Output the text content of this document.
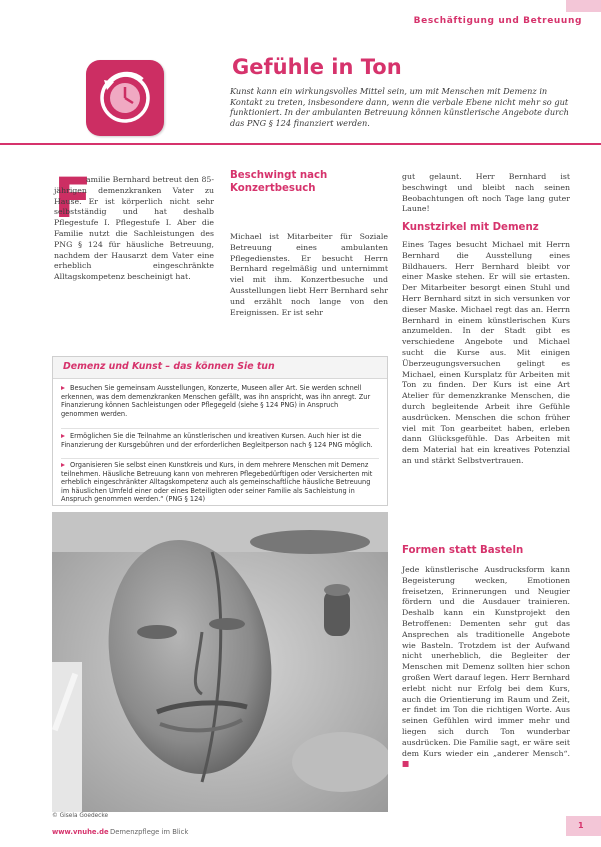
Beschäftigung und Betreuung
Gefühle in Ton
Kunst kann ein wirkungsvolles Mittel sein, um mit Menschen mit Demenz in Kontakt zu treten, insbesondere dann, wenn die verbale Ebene nicht mehr so gut funktioniert. In der ambulanten Betreuung können künstlerische Angebote durch das PNG § 124 finanziert werden.
F
amilie Bernhard betreut den 85-jährigen demenzkranken Vater zu Hause. Er ist körperlich nicht sehr selbstständig und hat deshalb Pflegestufe I. Pflegestufe I. Aber die Familie nutzt die Sachleistungen des PNG § 124 für häusliche Betreuung, nachdem der Hausarzt dem Vater eine erheblich eingeschränkte Alltagskompetenz bescheinigt hat.
Beschwingt nach Konzertbesuch
Michael ist Mitarbeiter für Soziale Betreuung eines ambulanten Pflegedienstes. Er besucht Herrn Bernhard regelmäßig und unternimmt viel mit ihm. Konzertbesuche und Ausstellungen liebt Herr Bernhard sehr und erzählt noch lange von den Ereignissen. Er ist sehr
gut gelaunt. Herr Bernhard ist beschwingt und bleibt nach seinen Beobachtungen oft noch Tage lang guter Laune!
Kunstzirkel mit Demenz
Eines Tages besucht Michael mit Herrn Bernhard die Ausstellung eines Bildhauers. Herr Bernhard bleibt vor einer Maske stehen. Er will sie ertasten. Der Mitarbeiter besorgt einen Stuhl und Herr Bernhard sitzt in sich versunken vor dieser Maske. Michael regt das an. Herrn Bernhard in einem künstlerischen Kurs anzumelden. In der Stadt gibt es verschiedene Angebote und Michael sucht die Kurse aus. Mit einigen Überzeugungsversuchen gelingt es Michael, einen Kursplatz für Arbeiten mit Ton zu finden. Der Kurs ist eine Art Atelier für demenzkranke Menschen, die durch begleitende Arbeit ihre Gefühle ausdrücken. Menschen die schon früher viel mit Ton gearbeitet haben, erleben dann Glücksgefühle. Das Arbeiten mit dem Material hat ein kreatives Potenzial an und stärkt Selbstvertrauen.
Formen statt Basteln
Jede künstlerische Ausdrucksform kann Begeisterung wecken, Emotionen freisetzen, Erinnerungen und Neugier fördern und die Ausdauer trainieren. Deshalb kann ein Kunstprojekt den Betroffenen: Dementen sehr gut das Ansprechen als traditionelle Angebote wie Basteln. Trotzdem ist der Aufwand nicht unerheblich, die Begleiter der Menschen mit Demenz sollten hier schon großen Wert darauf legen. Herr Bernhard erlebt nicht nur Erfolg bei dem Kurs, auch die Orientierung im Raum und Zeit, er findet im Ton die richtigen Worte. Aus seinen Gefühlen wird immer mehr und liegen sich durch Ton wunderbar ausdrücken. Die Familie sagt, er wäre seit dem Kurs wieder ein „anderer Mensch“. ■
Demenz und Kunst – das können Sie tun
Besuchen Sie gemeinsam Ausstellungen, Konzerte, Museen aller Art. Sie werden schnell erkennen, was dem demenzkranken Menschen gefällt, was ihn anspricht, was ihn anregt. Zur Finanzierung können Sachleistungen oder Pflegegeld (siehe § 124 PNG) in Anspruch genommen werden.
Ermöglichen Sie die Teilnahme an künstlerischen und kreativen Kursen. Auch hier ist die Finanzierung der Kursgebühren und der erforderlichen Begleitperson nach § 124 PNG möglich.
Organisieren Sie selbst einen Kunstkreis und Kurs, in dem mehrere Menschen mit Demenz teilnehmen. Häusliche Betreuung kann von mehreren Pflegebedürftigen oder Versicherten mit erheblich eingeschränkter Alltagskompetenz auch als gemeinschaftliche häusliche Betreuung im häuslichen Umfeld einer oder eines Beteiligten oder seiner Familie als Sachleistung in Anspruch genommen werden.“ (PNG § 124)
© Gisela Goedecke
www.vnuhe.de Demenzpflege im Blick
1
